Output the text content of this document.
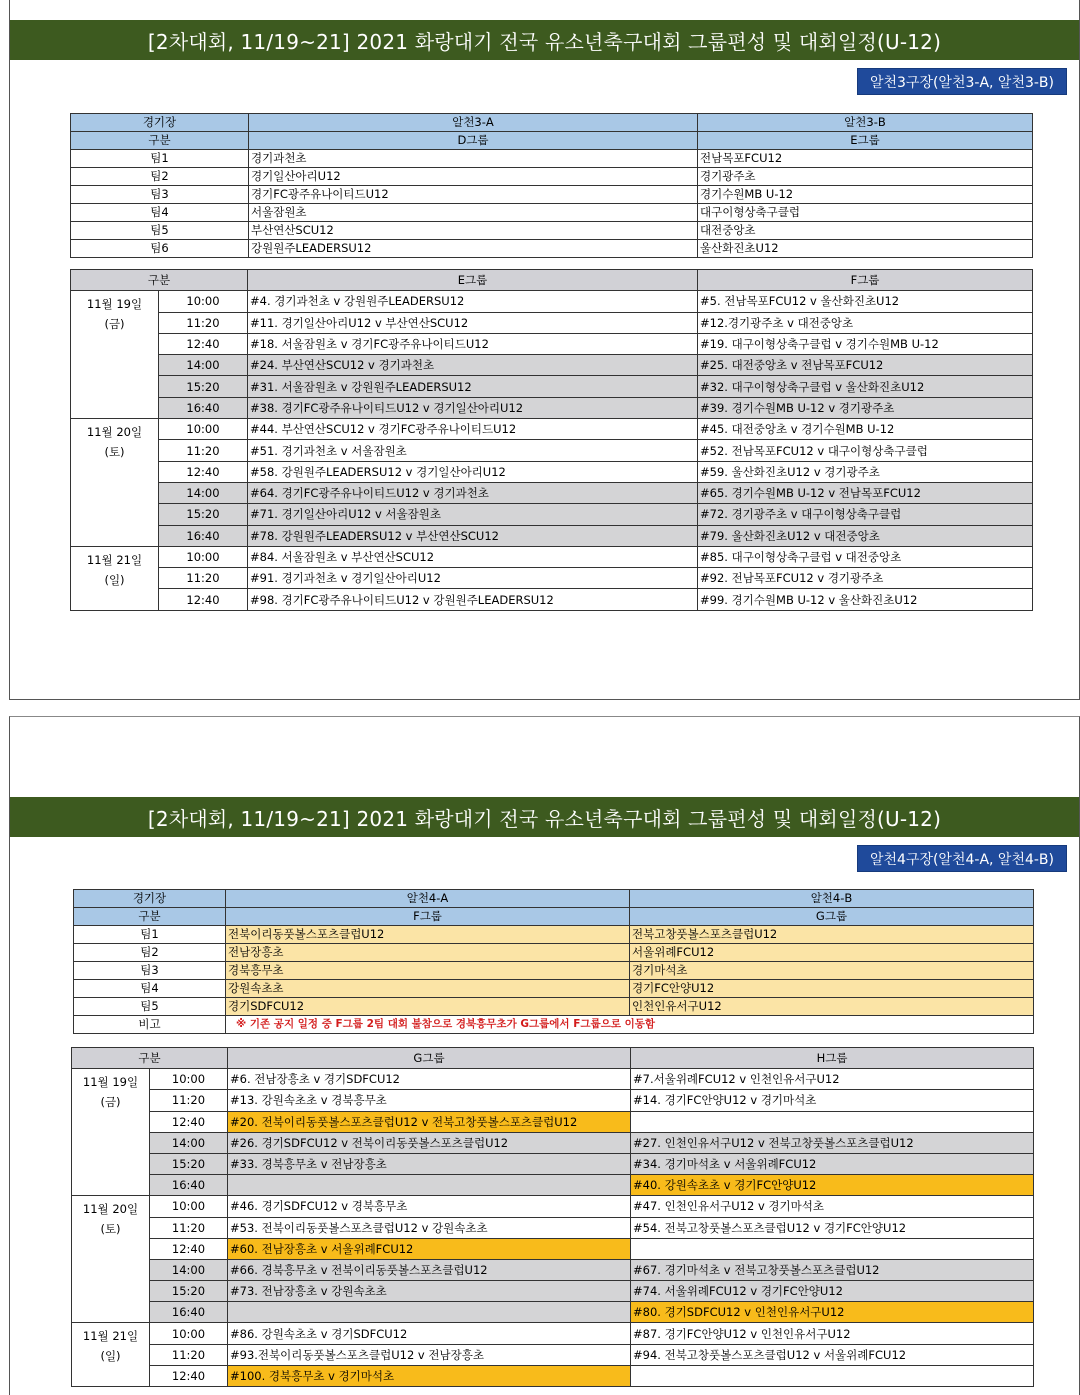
[2차대회, 11/19~21] 2021 화랑대기 전국 유소년축구대회 그룹편성 및 대회일정(U-12)
알천3구장(알천3-A, 알천3-B)
경기장	알천3-A	알천3-B
구분	D그룹	E그룹
팀1	경기과천초	전남목포FCU12
팀2	경기일산아리U12	경기광주초
팀3	경기FC광주유나이티드U12	경기수원MB U-12
팀4	서울잠원초	대구이형상축구클럽
팀5	부산연산SCU12	대전중앙초
팀6	강원원주LEADERSU12	울산화진초U12
구분		E그룹	F그룹

11월 19일
(금)	10:00	#4. 경기과천초 v 강원원주LEADERSU12	#5. 전남목포FCU12 v 울산화진초U12
	11:20	#11. 경기일산아리U12 v 부산연산SCU12	#12.경기광주초 v 대전중앙초
	12:40	#18. 서울잠원초 v 경기FC광주유나이티드U12	#19. 대구이형상축구클럽 v 경기수원MB U-12
	14:00	#24. 부산연산SCU12 v 경기과천초	#25. 대전중앙초 v 전남목포FCU12
	15:20	#31. 서울잠원초 v 강원원주LEADERSU12	#32. 대구이형상축구클럽 v 울산화진초U12
	16:40	#38. 경기FC광주유나이티드U12 v 경기일산아리U12	#39. 경기수원MB U-12 v 경기광주초

11월 20일
(토)	10:00	#44. 부산연산SCU12 v 경기FC광주유나이티드U12	#45. 대전중앙초 v 경기수원MB U-12
	11:20	#51. 경기과천초 v 서울잠원초	#52. 전남목포FCU12 v 대구이형상축구클럽
	12:40	#58. 강원원주LEADERSU12 v 경기일산아리U12	#59. 울산화진초U12 v 경기광주초
	14:00	#64. 경기FC광주유나이티드U12 v 경기과천초	#65. 경기수원MB U-12 v 전남목포FCU12
	15:20	#71. 경기일산아리U12 v 서울잠원초	#72. 경기광주초 v 대구이형상축구클럽
	16:40	#78. 강원원주LEADERSU12 v 부산연산SCU12	#79. 울산화진초U12 v 대전중앙초

11월 21일
(일)	10:00	#84. 서울잠원초 v 부산연산SCU12	#85. 대구이형상축구클럽 v 대전중앙초
	11:20	#91. 경기과천초 v 경기일산아리U12	#92. 전남목포FCU12 v 경기광주초
	12:40	#98. 경기FC광주유나이티드U12 v 강원원주LEADERSU12	#99. 경기수원MB U-12 v 울산화진초U12
[2차대회, 11/19~21] 2021 화랑대기 전국 유소년축구대회 그룹편성 및 대회일정(U-12)
알천4구장(알천4-A, 알천4-B)
경기장	알천4-A	알천4-B
구분	F그룹	G그룹
팀1	전북이리동풋볼스포츠클럽U12	전북고창풋볼스포츠클럽U12
팀2	전남장흥초	서울위례FCU12
팀3	경북흥무초	경기마석초
팀4	강원속초초	경기FC안양U12
팀5	경기SDFCU12	인천인유서구U12
비고	※ 기존 공지 일정 중 F그룹 2팀 대회 불참으로 경북흥무초가 G그룹에서 F그룹으로 이동함	
구분		G그룹	H그룹

11월 19일
(금)	10:00	#6. 전남장흥초 v 경기SDFCU12	#7.서울위례FCU12 v 인천인유서구U12
	11:20	#13. 강원속초초 v 경북흥무초	#14. 경기FC안양U12 v 경기마석초
	12:40	#20. 전북이리동풋볼스포츠클럽U12 v 전북고창풋볼스포츠클럽U12	
	14:00	#26. 경기SDFCU12 v 전북이리동풋볼스포츠클럽U12	#27. 인천인유서구U12 v 전북고창풋볼스포츠클럽U12
	15:20	#33. 경북흥무초 v 전남장흥초	#34. 경기마석초 v 서울위례FCU12
	16:40		#40. 강원속초초 v 경기FC안양U12

11월 20일
(토)	10:00	#46. 경기SDFCU12 v 경북흥무초	#47. 인천인유서구U12 v 경기마석초
	11:20	#53. 전북이리동풋볼스포츠클럽U12 v 강원속초초	#54. 전북고창풋볼스포츠클럽U12 v 경기FC안양U12
	12:40	#60. 전남장흥초 v 서울위례FCU12	
	14:00	#66. 경북흥무초 v 전북이리동풋볼스포츠클럽U12	#67. 경기마석초 v 전북고창풋볼스포츠클럽U12
	15:20	#73. 전남장흥초 v 강원속초초	#74. 서울위례FCU12 v 경기FC안양U12
	16:40		#80. 경기SDFCU12 v 인천인유서구U12

11월 21일
(일)	10:00	#86. 강원속초초 v 경기SDFCU12	#87. 경기FC안양U12 v 인천인유서구U12
	11:20	#93.전북이리동풋볼스포츠클럽U12 v 전남장흥초	#94. 전북고창풋볼스포츠클럽U12 v 서울위례FCU12
	12:40	#100. 경북흥무초 v 경기마석초	
